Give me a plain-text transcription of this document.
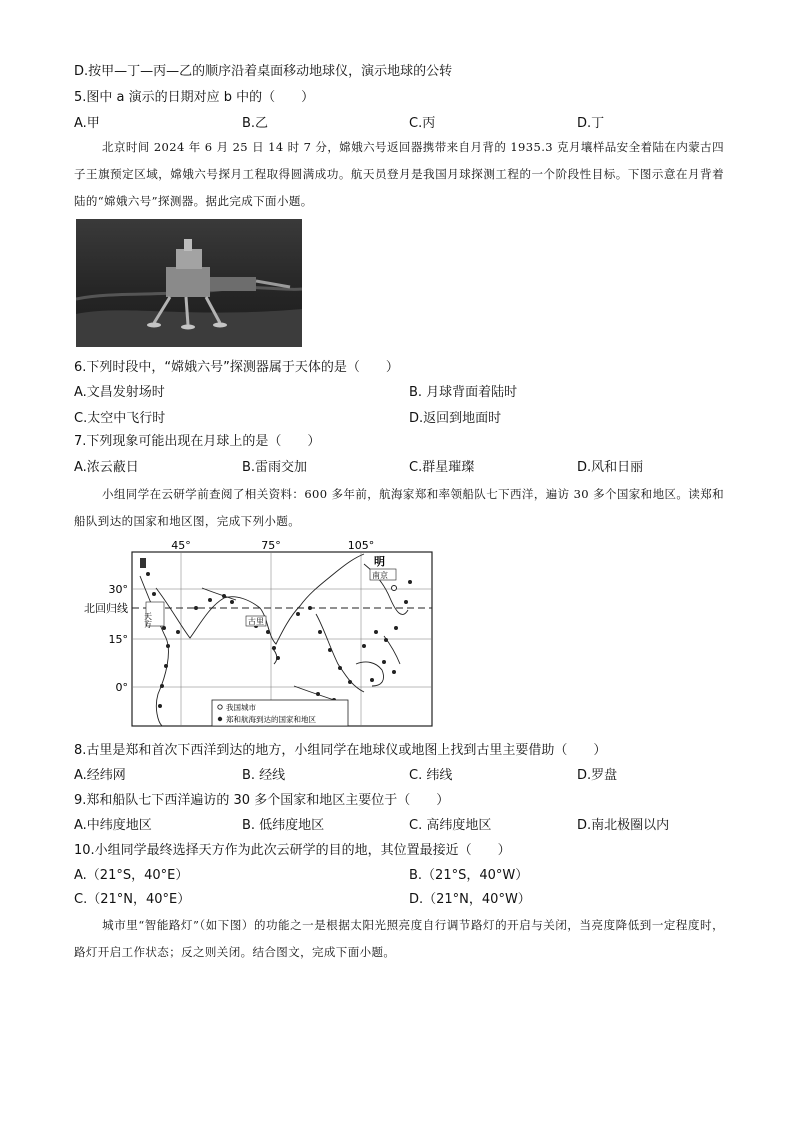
D.按甲—丁—丙—乙的顺序沿着桌面移动地球仪，演示地球的公转
5.图中 a 演示的日期对应 b 中的（　　）
A.甲	B.乙	C.丙	D.丁
北京时间 2024 年 6 月 25 日 14 时 7 分，嫦娥六号返回器携带来自月背的 1935.3 克月壤样品安全着陆在内蒙古四子王旗预定区域，嫦娥六号探月工程取得圆满成功。航天员登月是我国月球探测工程的一个阶段性目标。下图示意在月背着陆的“嫦娥六号”探测器。据此完成下面小题。
6.下列时段中，“嫦娥六号”探测器属于天体的是（　　）
A.文昌发射场时	B. 月球背面着陆时
C.太空中飞行时	D.返回到地面时
7.下列现象可能出现在月球上的是（　　）
A.浓云蔽日	B.雷雨交加	C.群星璀璨	D.风和日丽
小组同学在云研学前查阅了相关资料：600 多年前，航海家郑和率领船队七下西洋，遍访 30 多个国家和地区。读郑和船队到达的国家和地区图，完成下列小题。
45°	75°	105°
30°
北回归线
15°
0°
明
南京
天方	古里
我国城市
郑和航海到达的国家和地区
8.古里是郑和首次下西洋到达的地方，小组同学在地球仪或地图上找到古里主要借助（　　）
A.经纬网	B. 经线	C. 纬线	D.罗盘
9.郑和船队七下西洋遍访的 30 多个国家和地区主要位于（　　）
A.中纬度地区	B. 低纬度地区	C. 高纬度地区	D.南北极圈以内
10.小组同学最终选择天方作为此次云研学的目的地，其位置最接近（　　）
A.（21°S，40°E）	B.（21°S，40°W）
C.（21°N，40°E）	D.（21°N，40°W）
城市里“智能路灯”（如下图）的功能之一是根据太阳光照亮度自行调节路灯的开启与关闭，当亮度降低到一定程度时，路灯开启工作状态；反之则关闭。结合图文，完成下面小题。
